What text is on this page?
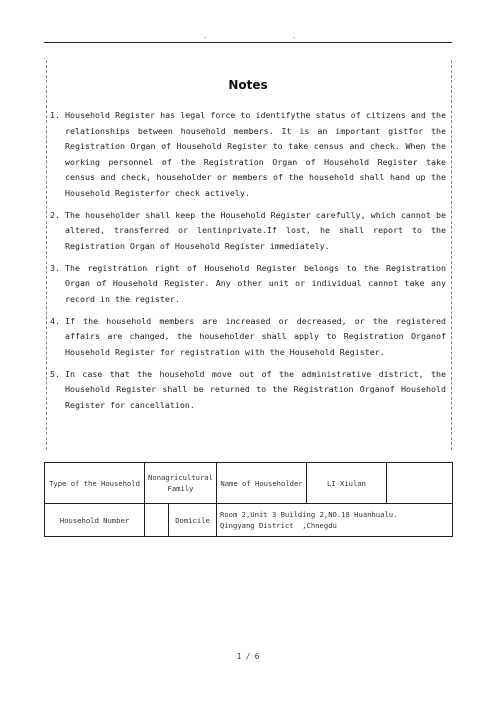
.	.
Notes
1. Household Register has legal force to identifythe status of citizens and the relationships between household members. It is an important gistfor the Registration Organ of Household Register to take census and check. When the working personnel of the Registration Organ of Household Register take census and check, householder or members of the household shall hand up the Household Registerfor check actively.
2. The householder shall keep the Household Register carefully, which cannot be altered, transferred or lentinprivate.If lost, he shall report to the Registration Organ of Household Register immediately.
3. The registration right of Household Register belongs to the Registration Organ of Household Register. Any other unit or individual cannot take any record in the register.
4. If the household members are increased or decreased, or the registered affairs are changed, the householder shall apply to Registration Organof Household Register for registration with the Household Register.
5. In case that the household move out of the administrative district, the Household Register shall be returned to the Registration Organof Household Register for cancellation.
Type of the Household	Nonagricultural Family		Name of Householder	LI Xiulan	
Household Number		Domicile	Room 2,Unit 3 Building 2,NO.18 Huanhualu.
Qingyang District  ,Chnegdu		
1 / 6
